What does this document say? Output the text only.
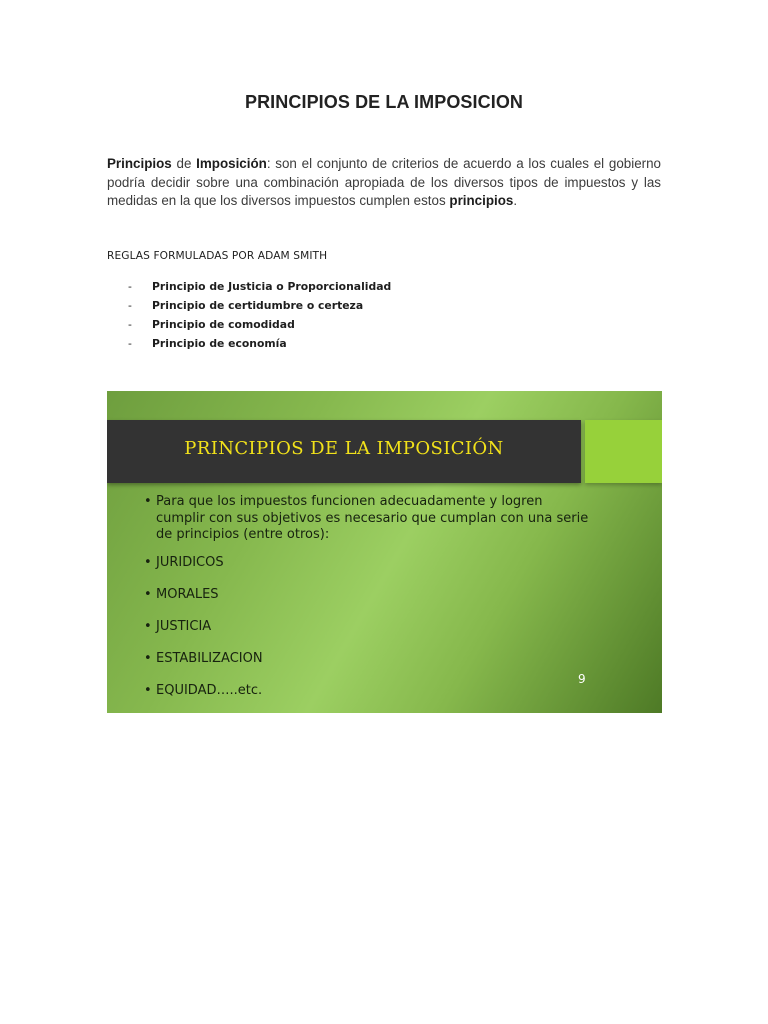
PRINCIPIOS DE LA IMPOSICION

Principios de Imposición: son el conjunto de criterios de acuerdo a los cuales el gobierno podría decidir sobre una combinación apropiada de los diversos tipos de impuestos y las medidas en la que los diversos impuestos cumplen estos principios.

REGLAS FORMULADAS POR ADAM SMITH

- Principio de Justicia o Proporcionalidad
- Principio de certidumbre o certeza
- Principio de comodidad
- Principio de economía
PRINCIPIOS DE LA IMPOSICIÓN
• Para que los impuestos funcionen adecuadamente y logren cumplir con sus objetivos es necesario que cumplan con una serie de principios (entre otros):
• JURIDICOS
• MORALES
• JUSTICIA
• ESTABILIZACION
• EQUIDAD…..etc.
9
